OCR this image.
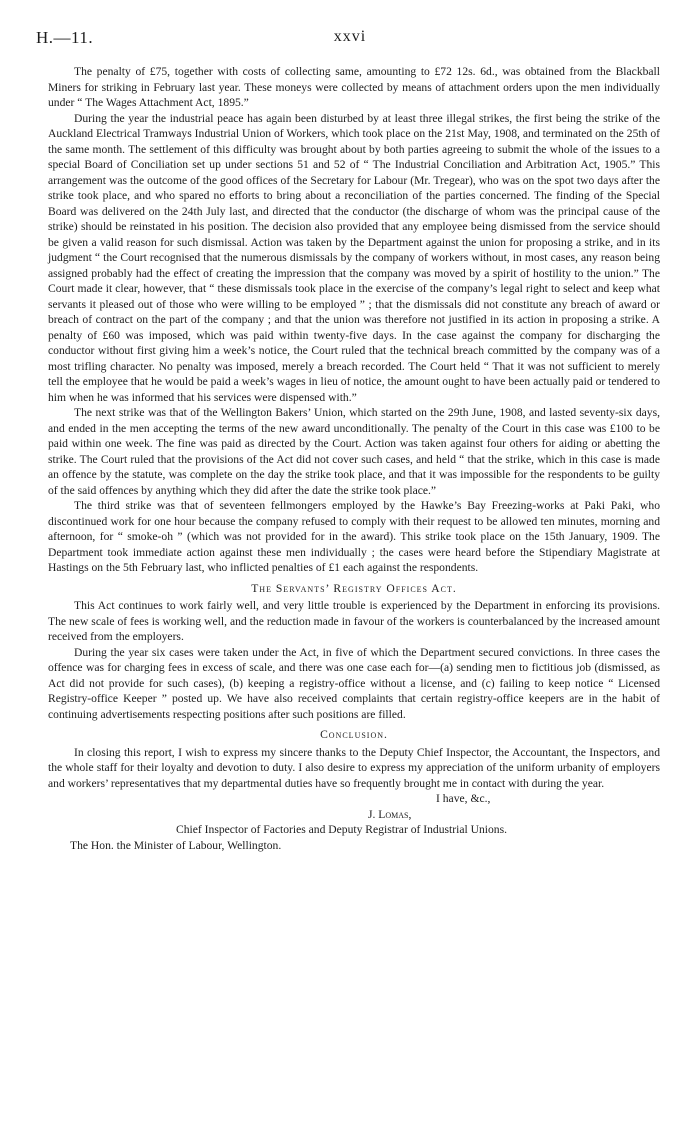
H.—11.	xxvi

The penalty of £75, together with costs of collecting same, amounting to £72 12s. 6d., was obtained from the Blackball Miners for striking in February last year. These moneys were collected by means of attachment orders upon the men individually under “ The Wages Attachment Act, 1895.”

During the year the industrial peace has again been disturbed by at least three illegal strikes, the first being the strike of the Auckland Electrical Tramways Industrial Union of Workers, which took place on the 21st May, 1908, and terminated on the 25th of the same month. The settlement of this difficulty was brought about by both parties agreeing to submit the whole of the issues to a special Board of Conciliation set up under sections 51 and 52 of “ The Industrial Conciliation and Arbitration Act, 1905.” This arrangement was the outcome of the good offices of the Secretary for Labour (Mr. Tregear), who was on the spot two days after the strike took place, and who spared no efforts to bring about a reconciliation of the parties concerned. The finding of the Special Board was delivered on the 24th July last, and directed that the conductor (the discharge of whom was the principal cause of the strike) should be reinstated in his position. The decision also provided that any employee being dismissed from the service should be given a valid reason for such dismissal. Action was taken by the Department against the union for proposing a strike, and in its judgment “ the Court recognised that the numerous dismissals by the company of workers without, in most cases, any reason being assigned probably had the effect of creating the impression that the company was moved by a spirit of hostility to the union.” The Court made it clear, however, that “ these dismissals took place in the exercise of the company’s legal right to select and keep what servants it pleased out of those who were willing to be employed ” ; that the dismissals did not constitute any breach of award or breach of contract on the part of the company ; and that the union was therefore not justified in its action in proposing a strike. A penalty of £60 was imposed, which was paid within twenty-five days. In the case against the company for discharging the conductor without first giving him a week’s notice, the Court ruled that the technical breach committed by the company was of a most trifling character. No penalty was imposed, merely a breach recorded. The Court held “ That it was not sufficient to merely tell the employee that he would be paid a week’s wages in lieu of notice, the amount ought to have been actually paid or tendered to him when he was informed that his services were dispensed with.”

The next strike was that of the Wellington Bakers’ Union, which started on the 29th June, 1908, and lasted seventy-six days, and ended in the men accepting the terms of the new award unconditionally. The penalty of the Court in this case was £100 to be paid within one week. The fine was paid as directed by the Court. Action was taken against four others for aiding or abetting the strike. The Court ruled that the provisions of the Act did not cover such cases, and held “ that the strike, which in this case is made an offence by the statute, was complete on the day the strike took place, and that it was impossible for the respondents to be guilty of the said offences by anything which they did after the date the strike took place.”

The third strike was that of seventeen fellmongers employed by the Hawke’s Bay Freezing-works at Paki Paki, who discontinued work for one hour because the company refused to comply with their request to be allowed ten minutes, morning and afternoon, for “ smoke-oh ” (which was not provided for in the award). This strike took place on the 15th January, 1909. The Department took immediate action against these men individually ; the cases were heard before the Stipendiary Magistrate at Hastings on the 5th February last, who inflicted penalties of £1 each against the respondents.

The Servants’ Registry Offices Act.

This Act continues to work fairly well, and very little trouble is experienced by the Department in enforcing its provisions. The new scale of fees is working well, and the reduction made in favour of the workers is counterbalanced by the increased amount received from the employers.

During the year six cases were taken under the Act, in five of which the Department secured convictions. In three cases the offence was for charging fees in excess of scale, and there was one case each for—(a) sending men to fictitious job (dismissed, as Act did not provide for such cases), (b) keeping a registry-office without a license, and (c) failing to keep notice “ Licensed Registry-office Keeper ” posted up. We have also received complaints that certain registry-office keepers are in the habit of continuing advertisements respecting positions after such positions are filled.

Conclusion.

In closing this report, I wish to express my sincere thanks to the Deputy Chief Inspector, the Accountant, the Inspectors, and the whole staff for their loyalty and devotion to duty. I also desire to express my appreciation of the uniform urbanity of employers and workers’ representatives that my departmental duties have so frequently brought me in contact with during the year.

I have, &c.,

J. Lomas,

Chief Inspector of Factories and Deputy Registrar of Industrial Unions.

The Hon. the Minister of Labour, Wellington.
